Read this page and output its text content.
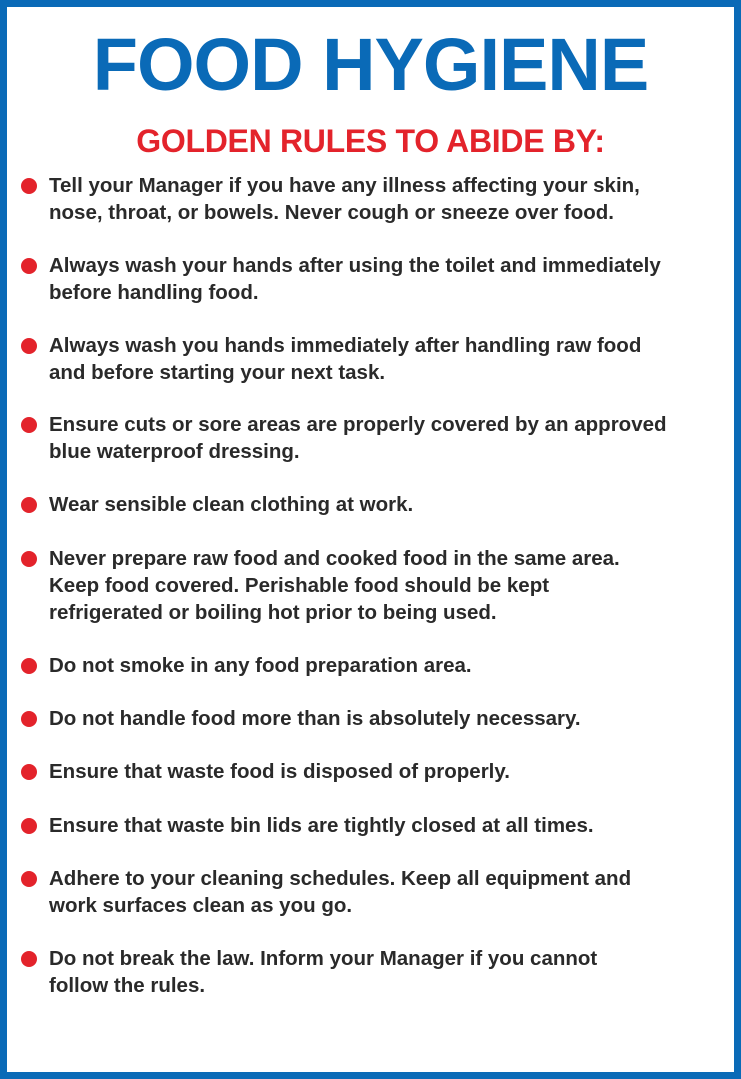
FOOD HYGIENE
GOLDEN RULES TO ABIDE BY:
Tell your Manager if you have any illness affecting your skin,
nose, throat, or bowels. Never cough or sneeze over food.
Always wash your hands after using the toilet and immediately
before handling food.
Always wash you hands immediately after handling raw food
and before starting your next task.
Ensure cuts or sore areas are properly covered by an approved
blue waterproof dressing.
Wear sensible clean clothing at work.
Never prepare raw food and cooked food in the same area.
Keep food covered. Perishable food should be kept
refrigerated or boiling hot prior to being used.
Do not smoke in any food preparation area.
Do not handle food more than is absolutely necessary.
Ensure that waste food is disposed of properly.
Ensure that waste bin lids are tightly closed at all times.
Adhere to your cleaning schedules. Keep all equipment and
work surfaces clean as you go.
Do not break the law. Inform your Manager if you cannot
follow the rules.
